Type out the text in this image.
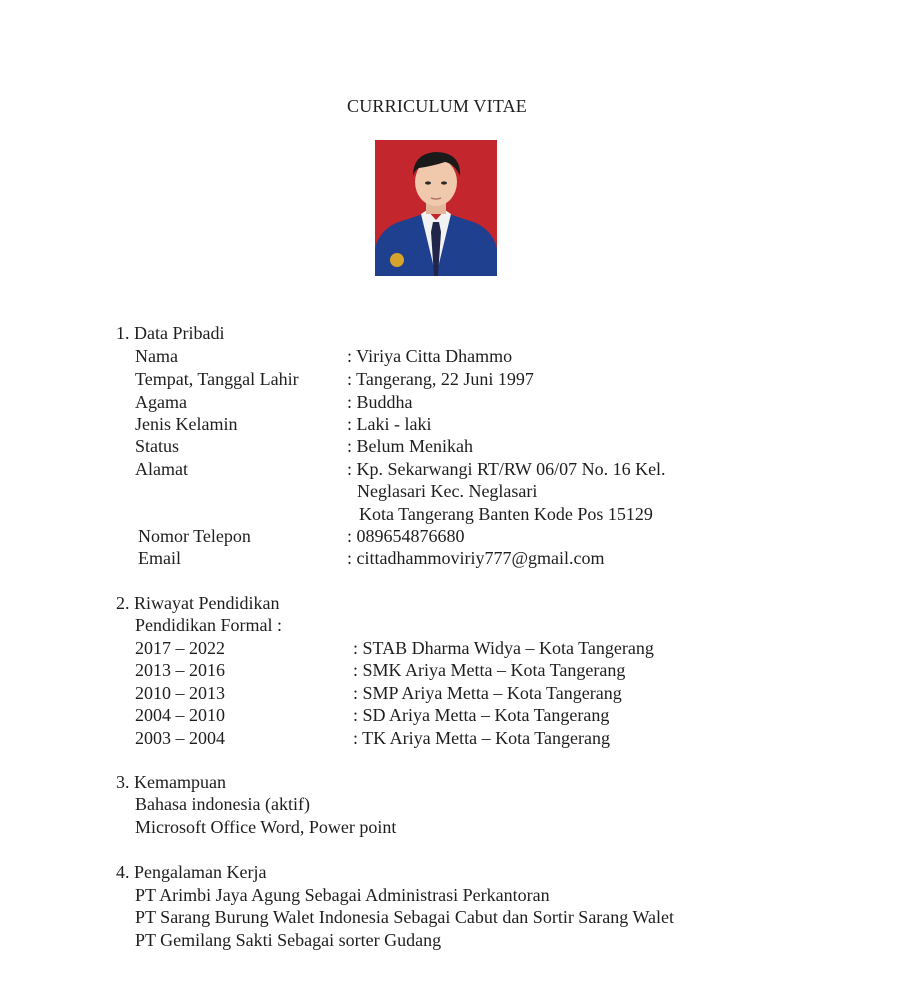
CURRICULUM VITAE
1. Data Pribadi
Nama	: Viriya Citta Dhammo
Tempat, Tanggal Lahir	: Tangerang, 22 Juni 1997
Agama	: Buddha
Jenis Kelamin	: Laki - laki
Status	: Belum Menikah
Alamat	: Kp. Sekarwangi RT/RW 06/07 No. 16 Kel.
Neglasari Kec. Neglasari
Kota Tangerang Banten Kode Pos 15129
Nomor Telepon	: 089654876680
Email	: cittadhammoviriy777@gmail.com
2. Riwayat Pendidikan
Pendidikan Formal :
2017 – 2022	: STAB Dharma Widya – Kota Tangerang
2013 – 2016	: SMK Ariya Metta – Kota Tangerang
2010 – 2013	: SMP Ariya Metta – Kota Tangerang
2004 – 2010	: SD Ariya Metta – Kota Tangerang
2003 – 2004	: TK Ariya Metta – Kota Tangerang
3. Kemampuan
Bahasa indonesia (aktif)
Microsoft Office Word, Power point
4. Pengalaman Kerja
PT Arimbi Jaya Agung Sebagai Administrasi Perkantoran
PT Sarang Burung Walet Indonesia Sebagai Cabut dan Sortir Sarang Walet
PT Gemilang Sakti Sebagai sorter Gudang
